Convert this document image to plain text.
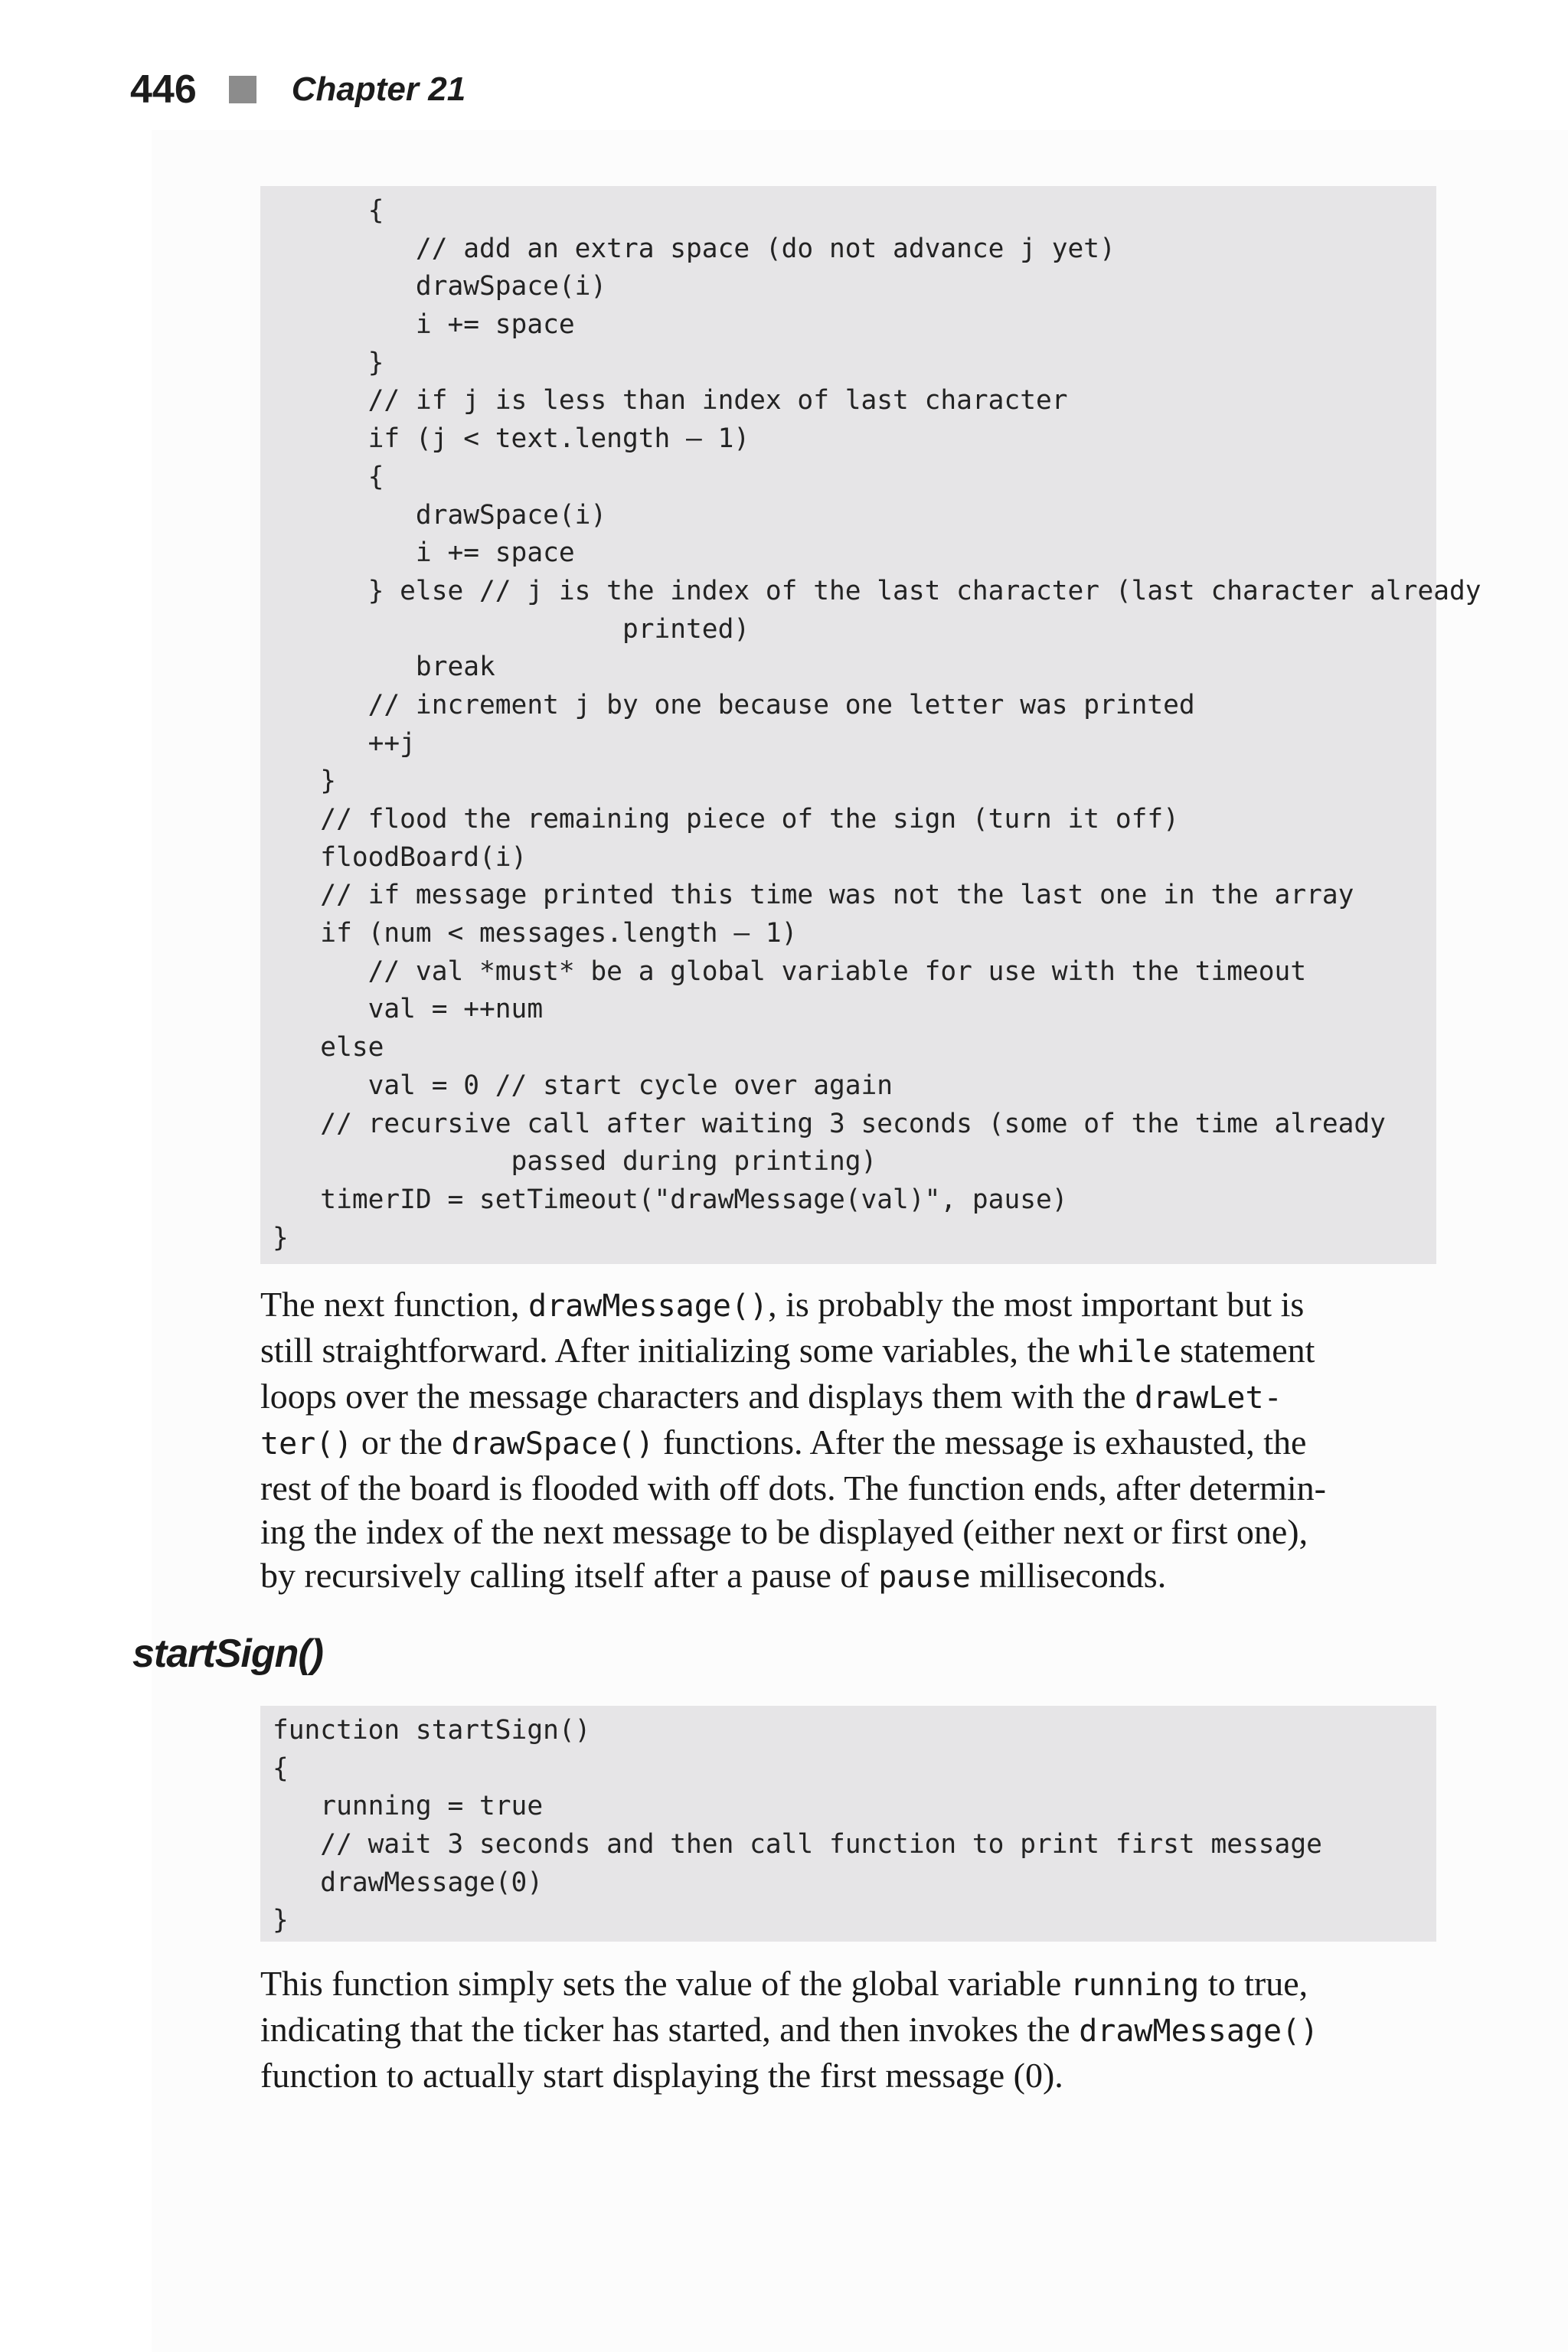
446	Chapter 21
{
// add an extra space (do not advance j yet)
drawSpace(i)
i += space
}
// if j is less than index of last character
if (j < text.length – 1)
{
drawSpace(i)
i += space
} else // j is the index of the last character (last character already
printed)
break
// increment j by one because one letter was printed
++j
}
// flood the remaining piece of the sign (turn it off)
floodBoard(i)
// if message printed this time was not the last one in the array
if (num < messages.length – 1)
// val *must* be a global variable for use with the timeout
val = ++num
else
val = 0 // start cycle over again
// recursive call after waiting 3 seconds (some of the time already
passed during printing)
timerID = setTimeout("drawMessage(val)", pause)
}

The next function, drawMessage(), is probably the most important but is
still straightforward. After initializing some variables, the while statement
loops over the message characters and displays them with the drawLet-
ter() or the drawSpace() functions. After the message is exhausted, the
rest of the board is flooded with off dots. The function ends, after determin-
ing the index of the next message to be displayed (either next or first one),
by recursively calling itself after a pause of pause milliseconds.

startSign()
function startSign()
{
running = true
// wait 3 seconds and then call function to print first message
drawMessage(0)
}

This function simply sets the value of the global variable running to true,
indicating that the ticker has started, and then invokes the drawMessage()
function to actually start displaying the first message (0).
